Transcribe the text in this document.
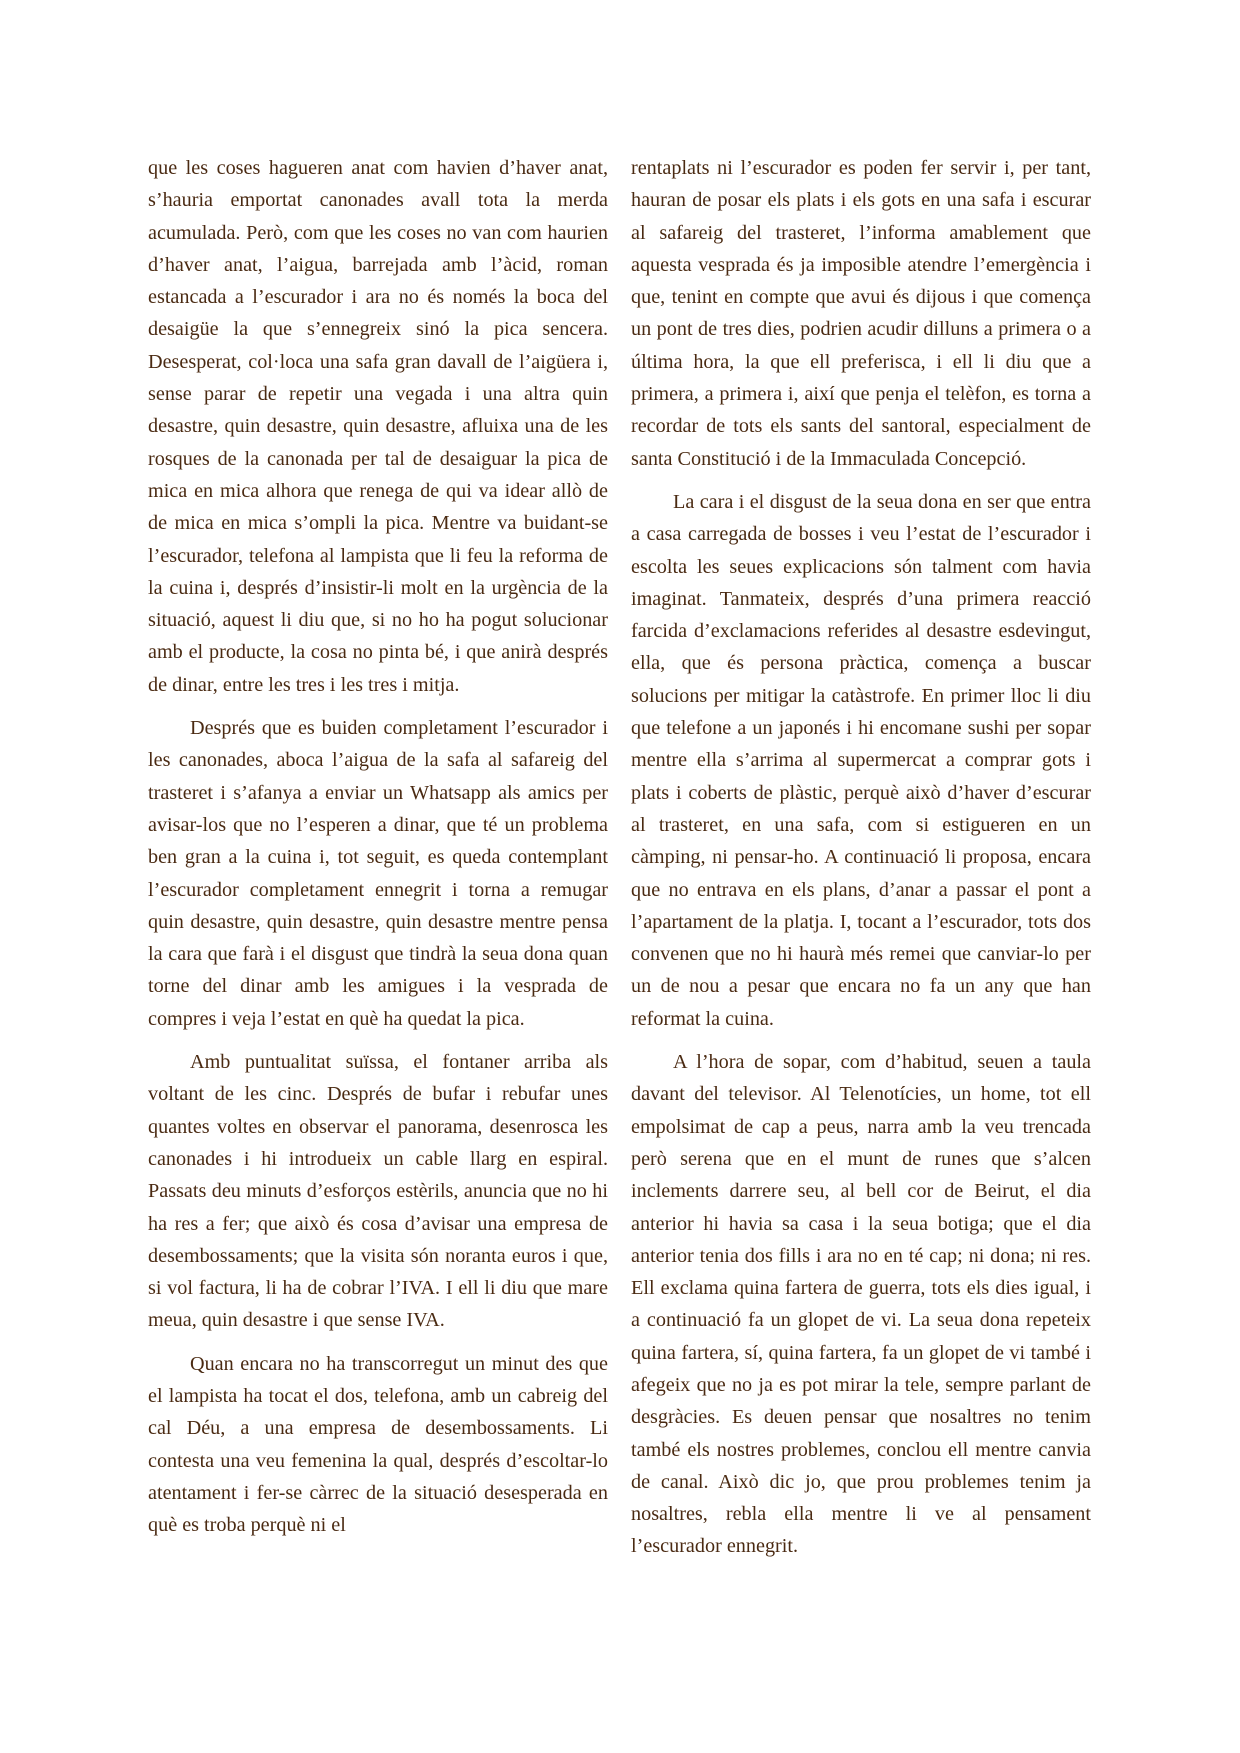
que les coses hagueren anat com havien d’haver anat, s’hauria emportat canonades avall tota la merda acumulada. Però, com que les coses no van com haurien d’haver anat, l’aigua, barrejada amb l’àcid, roman estancada a l’escurador i ara no és només la boca del desaigüe la que s’ennegreix sinó la pica sencera. Desesperat, col·loca una safa gran davall de l’aigüera i, sense parar de repetir una vegada i una altra quin desastre, quin desastre, quin desastre, afluixa una de les rosques de la canonada per tal de desaiguar la pica de mica en mica alhora que renega de qui va idear allò de de mica en mica s’ompli la pica. Mentre va buidant-se l’escurador, telefona al lampista que li feu la reforma de la cuina i, després d’insistir-li molt en la urgència de la situació, aquest li diu que, si no ho ha pogut solucionar amb el producte, la cosa no pinta bé, i que anirà després de dinar, entre les tres i les tres i mitja.

Després que es buiden completament l’escurador i les canonades, aboca l’aigua de la safa al safareig del trasteret i s’afanya a enviar un Whatsapp als amics per avisar-los que no l’esperen a dinar, que té un problema ben gran a la cuina i, tot seguit, es queda contemplant l’escurador completament ennegrit i torna a remugar quin desastre, quin desastre, quin desastre mentre pensa la cara que farà i el disgust que tindrà la seua dona quan torne del dinar amb les amigues i la vesprada de compres i veja l’estat en què ha quedat la pica.

Amb puntualitat suïssa, el fontaner arriba als voltant de les cinc. Després de bufar i rebufar unes quantes voltes en observar el panorama, desenrosca les canonades i hi introdueix un cable llarg en espiral. Passats deu minuts d’esforços estèrils, anuncia que no hi ha res a fer; que això és cosa d’avisar una empresa de desembossaments; que la visita són noranta euros i que, si vol factura, li ha de cobrar l’IVA. I ell li diu que mare meua, quin desastre i que sense IVA.

Quan encara no ha transcorregut un minut des que el lampista ha tocat el dos, telefona, amb un cabreig del cal Déu, a una empresa de desembossaments. Li contesta una veu femenina la qual, després d’escoltar-lo atentament i fer-se càrrec de la situació desesperada en què es troba perquè ni el

rentaplats ni l’escurador es poden fer servir i, per tant, hauran de posar els plats i els gots en una safa i escurar al safareig del trasteret, l’informa amablement que aquesta vesprada és ja imposible atendre l’emergència i que, tenint en compte que avui és dijous i que comença un pont de tres dies, podrien acudir dilluns a primera o a última hora, la que ell preferisca, i ell li diu que a primera, a primera i, així que penja el telèfon, es torna a recordar de tots els sants del santoral, especialment de santa Constitució i de la Immaculada Concepció.

La cara i el disgust de la seua dona en ser que entra a casa carregada de bosses i veu l’estat de l’escurador i escolta les seues explicacions són talment com havia imaginat. Tanmateix, després d’una primera reacció farcida d’exclamacions referides al desastre esdevingut, ella, que és persona pràctica, comença a buscar solucions per mitigar la catàstrofe. En primer lloc li diu que telefone a un japonés i hi encomane sushi per sopar mentre ella s’arrima al supermercat a comprar gots i plats i coberts de plàstic, perquè això d’haver d’escurar al trasteret, en una safa, com si estigueren en un càmping, ni pensar-ho. A continuació li proposa, encara que no entrava en els plans, d’anar a passar el pont a l’apartament de la platja. I, tocant a l’escurador, tots dos convenen que no hi haurà més remei que canviar-lo per un de nou a pesar que encara no fa un any que han reformat la cuina.

A l’hora de sopar, com d’habitud, seuen a taula davant del televisor. Al Telenotícies, un home, tot ell empolsimat de cap a peus, narra amb la veu trencada però serena que en el munt de runes que s’alcen inclements darrere seu, al bell cor de Beirut, el dia anterior hi havia sa casa i la seua botiga; que el dia anterior tenia dos fills i ara no en té cap; ni dona; ni res. Ell exclama quina fartera de guerra, tots els dies igual, i a continuació fa un glopet de vi. La seua dona repeteix quina fartera, sí, quina fartera, fa un glopet de vi també i afegeix que no ja es pot mirar la tele, sempre parlant de desgràcies. Es deuen pensar que nosaltres no tenim també els nostres problemes, conclou ell mentre canvia de canal. Això dic jo, que prou problemes tenim ja nosaltres, rebla ella mentre li ve al pensament l’escurador ennegrit.
